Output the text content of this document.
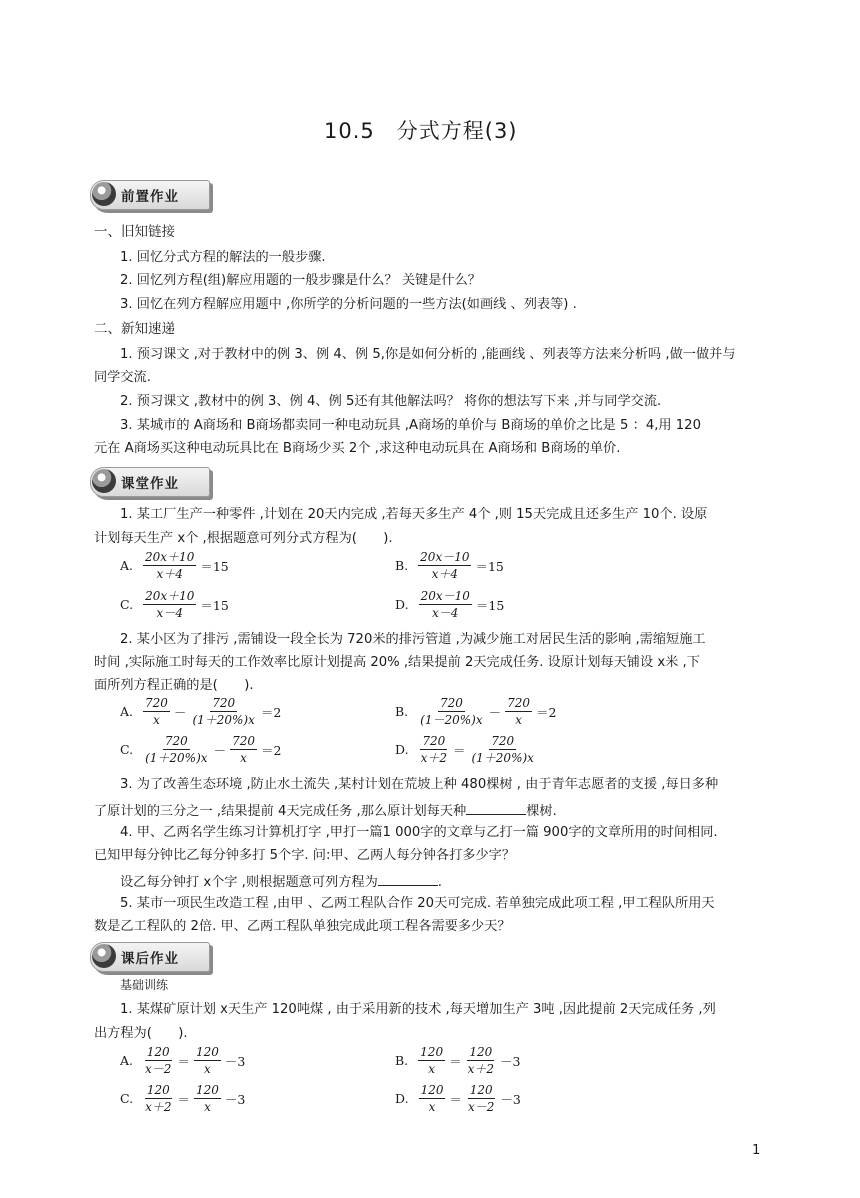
10.5　分式方程(3)
前置作业
一、旧知链接
1. 回忆分式方程的解法的一般步骤.
2. 回忆列方程(组)解应用题的一般步骤是什么？ 关键是什么？
3. 回忆在列方程解应用题中 ,你所学的分析问题的一些方法(如画线 、列表等) .
二、新知速递
1. 预习课文 ,对于教材中的例 3、例 4、例 5,你是如何分析的 ,能画线 、列表等方法来分析吗 ,做一做并与
同学交流.
2. 预习课文 ,教材中的例 3、例 4、例 5还有其他解法吗？ 将你的想法写下来 ,并与同学交流.
3. 某城市的 A商场和 B商场都卖同一种电动玩具 ,A商场的单价与 B商场的单价之比是 5 ：4,用 120
元在 A商场买这种电动玩具比在 B商场少买 2个 ,求这种电动玩具在 A商场和 B商场的单价.
课堂作业
1. 某工厂生产一种零件 ,计划在 20天内完成 ,若每天多生产 4个 ,则 15天完成且还多生产 10个. 设原
计划每天生产 x个 ,根据题意可列分式方程为(　　).
A. $\frac{20x+10}{x+4} =15$	B. $\frac{20x-10}{x+4} =15$
C. $\frac{20x+10}{x-4} =15$	D. $\frac{20x-10}{x-4} =15$
2. 某小区为了排污 ,需铺设一段全长为 720米的排污管道 ,为减少施工对居民生活的影响 ,需缩短施工
时间 ,实际施工时每天的工作效率比原计划提高 20% ,结果提前 2天完成任务. 设原计划每天铺设 x米 ,下
面所列方程正确的是(　　).
A. $\frac{720}{x} - \frac{720}{(1+20\%)x} =2$	B. $\frac{720}{(1-20\%)x} - \frac{720}{x} =2$
C. $\frac{720}{(1+20\%)x} - \frac{720}{x} =2$	D. $\frac{720}{x+2} = \frac{720}{(1+20\%)x}$
3. 为了改善生态环境 ,防止水土流失 ,某村计划在荒坡上种 480棵树 , 由于青年志愿者的支援 ,每日多种
了原计划的三分之一 ,结果提前 4天完成任务 ,那么原计划每天种	棵树.
4. 甲、乙两名学生练习计算机打字 ,甲打一篇1 000字的文章与乙打一篇 900字的文章所用的时间相同.
已知甲每分钟比乙每分钟多打 5个字. 问:甲、乙两人每分钟各打多少字？
设乙每分钟打 x个字 ,则根据题意可列方程为	.
5. 某市一项民生改造工程 ,由甲 、乙两工程队合作 20天可完成. 若单独完成此项工程 ,甲工程队所用天
数是乙工程队的 2倍. 甲、乙两工程队单独完成此项工程各需要多少天？
课后作业
基础训练
1. 某煤矿原计划 x天生产 120吨煤 , 由于采用新的技术 ,每天增加生产 3吨 ,因此提前 2天完成任务 ,列
出方程为(　　).
A. $\frac{120}{x-2} = \frac{120}{x} -3$	B. $\frac{120}{x} = \frac{120}{x+2} -3$
C. $\frac{120}{x+2} = \frac{120}{x} -3$	D. $\frac{120}{x} = \frac{120}{x-2} -3$
1
